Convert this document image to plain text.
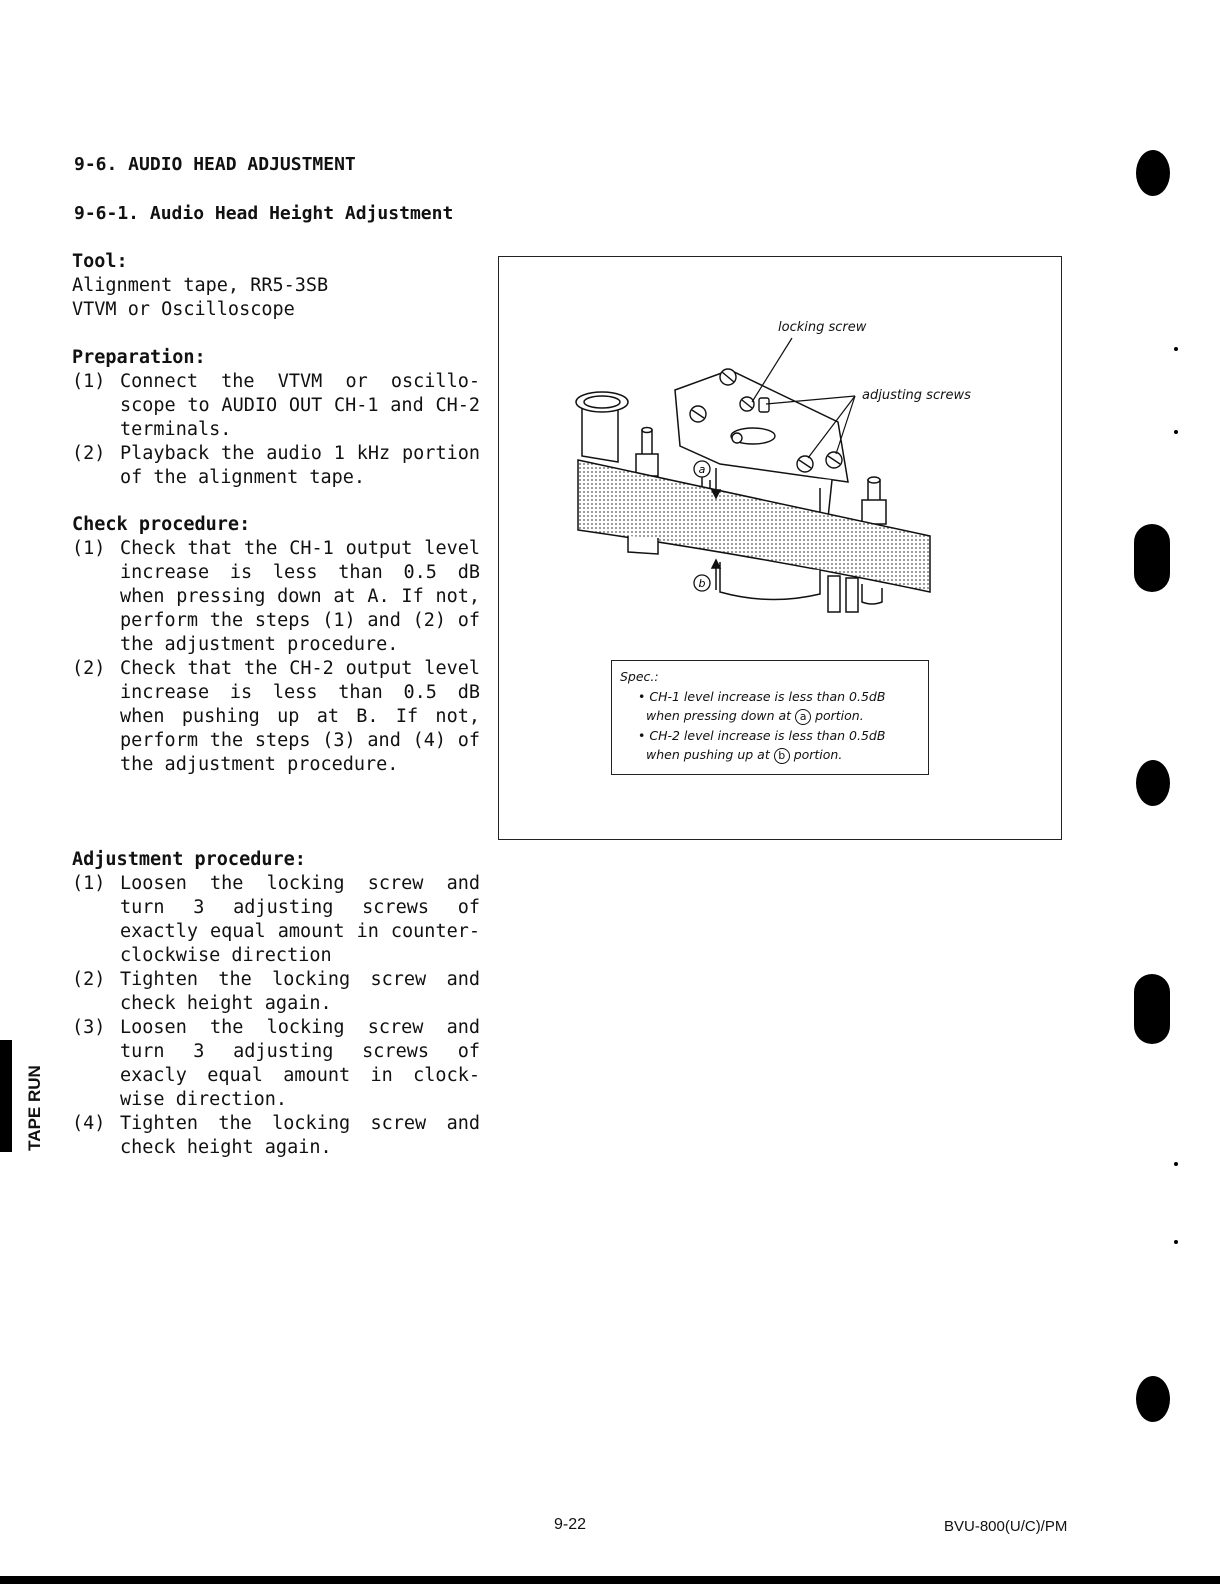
9-6. AUDIO HEAD ADJUSTMENT
9-6-1. Audio Head Height Adjustment
Tool:
Alignment tape, RR5-3SB
VTVM or Oscilloscope
Preparation:
(1) Connect the VTVM or oscillo-scope to AUDIO OUT CH-1 and CH-2 terminals.
(2) Playback the audio 1 kHz portion of the alignment tape.
Check procedure:
(1) Check that the CH-1 output level increase is less than 0.5 dB when pressing down at A. If not, perform the steps (1) and (2) of the adjustment procedure.
(2) Check that the CH-2 output level increase is less than 0.5 dB when pushing up at B. If not, perform the steps (3) and (4) of the adjustment procedure.
Adjustment procedure:
(1) Loosen the locking screw and turn 3 adjusting screws of exactly equal amount in counter-clockwise direction
(2) Tighten the locking screw and check height again.
(3) Loosen the locking screw and turn 3 adjusting screws of exacly equal amount in clock-wise direction.
(4) Tighten the locking screw and check height again.
a
b
locking screw
adjusting screws
Spec.:
• CH-1 level increase is less than 0.5dB
when pressing down at a portion.
• CH-2 level increase is less than 0.5dB
when pushing up at b portion.
TAPE RUN
9-22	BVU-800(U/C)/PM
